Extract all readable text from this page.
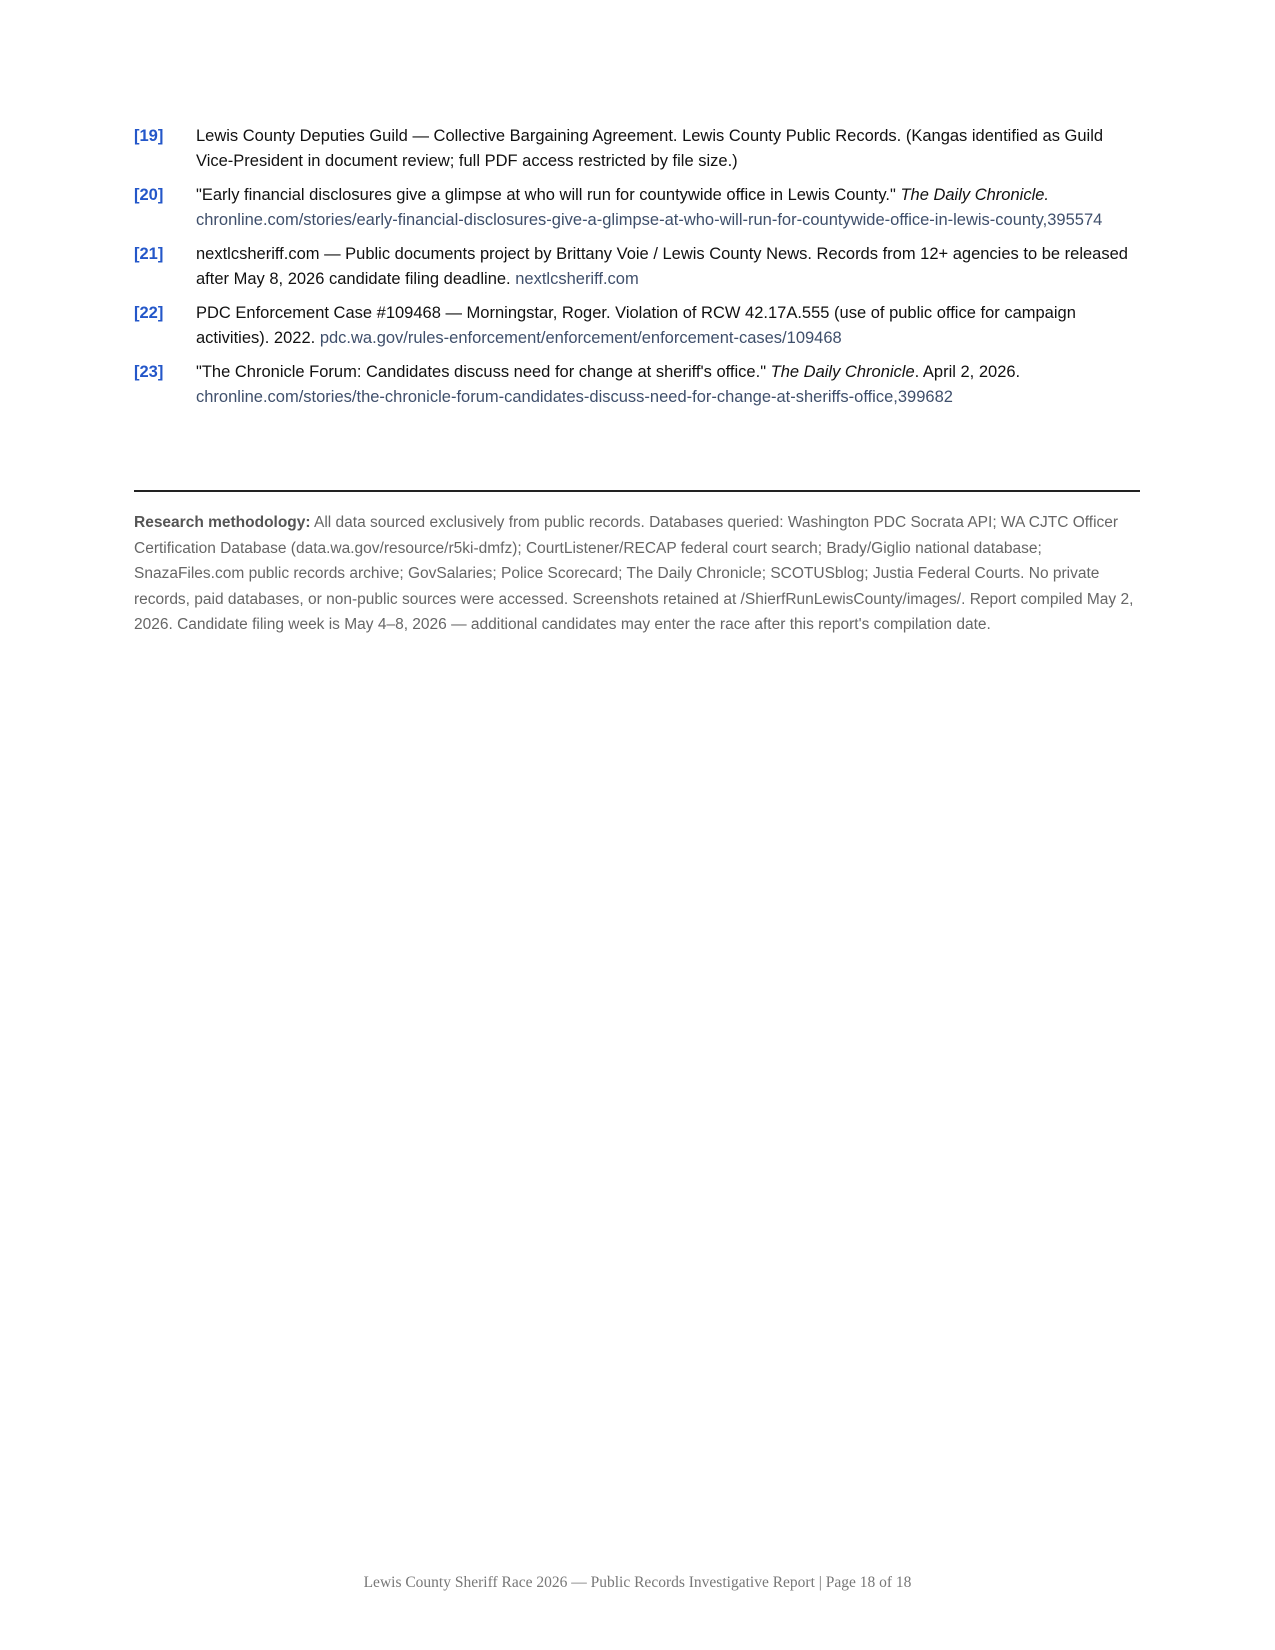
[19]	Lewis County Deputies Guild — Collective Bargaining Agreement. Lewis County Public Records. (Kangas identified as Guild Vice-President in document review; full PDF access restricted by file size.)
[20]	"Early financial disclosures give a glimpse at who will run for countywide office in Lewis County." The Daily Chronicle. chronline.com/stories/early-financial-disclosures-give-a-glimpse-at-who-will-run-for-countywide-office-in-lewis-county,395574
[21]	nextlcsheriff.com — Public documents project by Brittany Voie / Lewis County News. Records from 12+ agencies to be released after May 8, 2026 candidate filing deadline. nextlcsheriff.com
[22]	PDC Enforcement Case #109468 — Morningstar, Roger. Violation of RCW 42.17A.555 (use of public office for campaign activities). 2022. pdc.wa.gov/rules-enforcement/enforcement/enforcement-cases/109468
[23]	"The Chronicle Forum: Candidates discuss need for change at sheriff's office." The Daily Chronicle. April 2, 2026. chronline.com/stories/the-chronicle-forum-candidates-discuss-need-for-change-at-sheriffs-office,399682
Research methodology: All data sourced exclusively from public records. Databases queried: Washington PDC Socrata API; WA CJTC Officer Certification Database (data.wa.gov/resource/r5ki-dmfz); CourtListener/RECAP federal court search; Brady/Giglio national database; SnazaFiles.com public records archive; GovSalaries; Police Scorecard; The Daily Chronicle; SCOTUSblog; Justia Federal Courts. No private records, paid databases, or non-public sources were accessed. Screenshots retained at /ShierfRunLewisCounty/images/. Report compiled May 2, 2026. Candidate filing week is May 4–8, 2026 — additional candidates may enter the race after this report's compilation date.
Lewis County Sheriff Race 2026 — Public Records Investigative Report | Page 18 of 18
